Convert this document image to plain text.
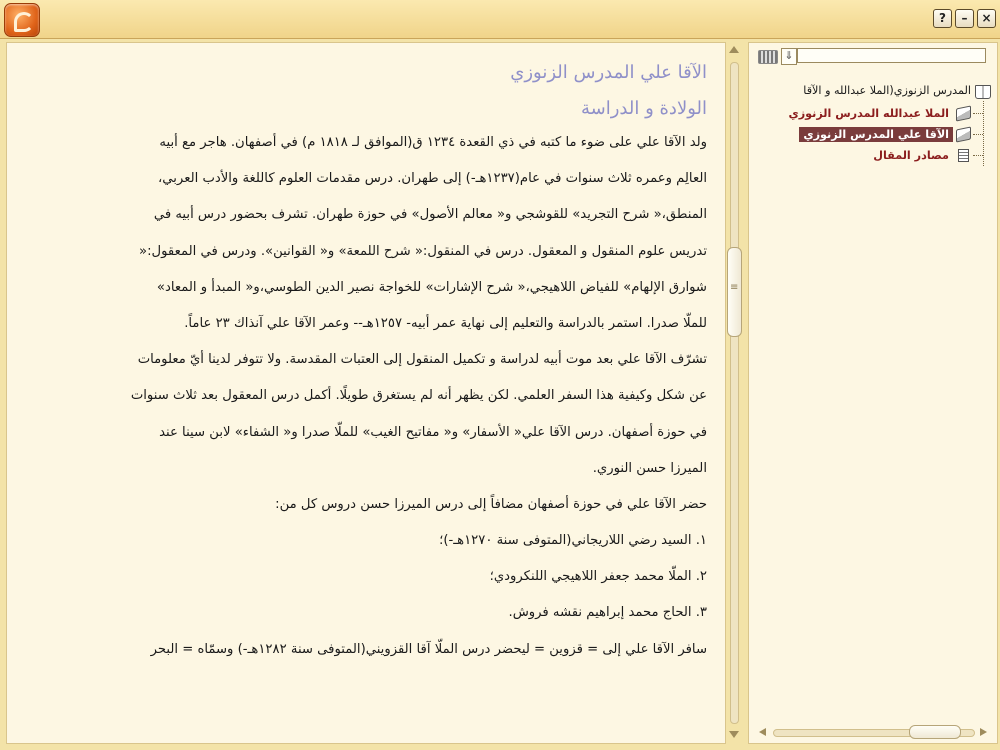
?	–	×
الآقا علي المدرس الزنوزي
الولادة و الدراسة
ولد الآقا علي على ضوء ما كتبه في ذي القعدة ١٢٣٤ ق(الموافق لـ ١٨١٨ م) في أصفهان. هاجر مع أبيه
العالِم وعمره ثلاث سنوات في عام(١٢٣٧هـ-) إلى طهران. درس مقدمات العلوم كاللغة والأدب العربي،
المنطق،« شرح التجريد» للقوشجي و« معالم الأصول» في حوزة طهران. تشرف بحضور درس أبيه في
تدريس علوم المنقول و المعقول. درس في المنقول:« شرح اللمعة» و« القوانين». ودرس في المعقول:«
شوارق الإلهام» للفياض اللاهيجي،« شرح الإشارات» للخواجة نصير الدين الطوسي،و« المبدأ و المعاد»
للملّا صدرا. استمر بالدراسة والتعليم إلى نهاية عمر أبيه- ١٢٥٧هـ-- وعمر الآقا علي آنذاك ٢٣ عاماً.
تشرّف الآقا علي بعد موت أبيه لدراسة و تكميل المنقول إلى العتبات المقدسة. ولا تتوفر لدينا أيّ معلومات
عن شكل وكيفية هذا السفر العلمي. لكن يظهر أنه لم يستغرق طويلًا. أكمل درس المعقول بعد ثلاث سنوات
في حوزة أصفهان. درس الآقا علي« الأسفار» و« مفاتيح الغيب» للملّا صدرا و« الشفاء» لابن سينا عند
الميرزا حسن النوري.
حضر الآقا علي في حوزة أصفهان مضافاً إلى درس الميرزا حسن دروس كل من:
١. السيد رضي اللاريجاني(المتوفى سنة ١٢٧٠هـ-)؛
٢. الملّا محمد جعفر اللاهيجي اللنكرودي؛
٣. الحاج محمد إبراهيم نقشه فروش.
سافر الآقا علي إلى = قزوين = ليحضر درس الملّا آقا القزويني(المتوفى سنة ١٢٨٢هـ-) وسمّاه = البحر
≡
⇓
المدرس الزنوزي(الملا عبدالله و الآقا
الملا عبدالله المدرس الزنوزي
الآقا علي المدرس الزنوزي
مصادر المقال
